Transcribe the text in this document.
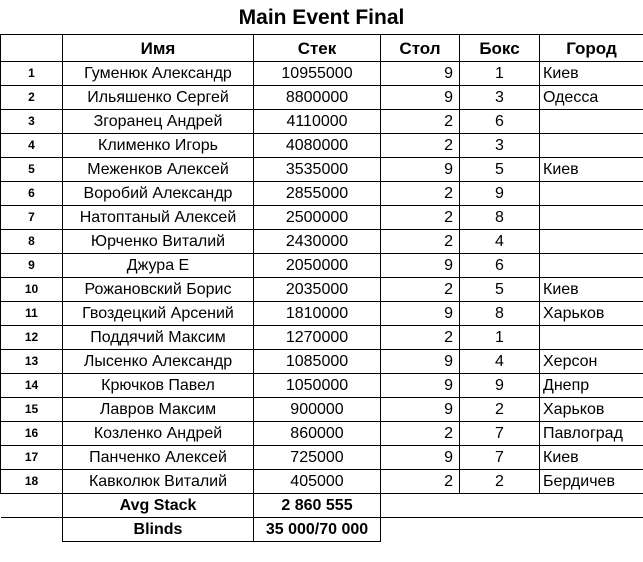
Main Event Final
	Имя	Стек	Стол	Бокс	Город
1	Гуменюк Александр	10955000	9	1	Киев
2	Ильяшенко Сергей	8800000	9	3	Одесса
3	Згоранец Андрей	4110000	2	6	
4	Клименко Игорь	4080000	2	3	
5	Меженков Алексей	3535000	9	5	Киев
6	Воробий Александр	2855000	2	9	
7	Натоптаный Алексей	2500000	2	8	
8	Юрченко Виталий	2430000	2	4	
9	Джура Е	2050000	9	6	
10	Рожановский Борис	2035000	2	5	Киев
11	Гвоздецкий Арсений	1810000	9	8	Харьков
12	Поддячий Максим	1270000	2	1	
13	Лысенко Александр	1085000	9	4	Херсон
14	Крючков Павел	1050000	9	9	Днепр
15	Лавров Максим	900000	9	2	Харьков
16	Козленко Андрей	860000	2	7	Павлоград
17	Панченко Алексей	725000	9	7	Киев
18	Кавколюк Виталий	405000	2	2	Бердичев
	Avg Stack	2 860 555			
	Blinds	35 000/70 000			
